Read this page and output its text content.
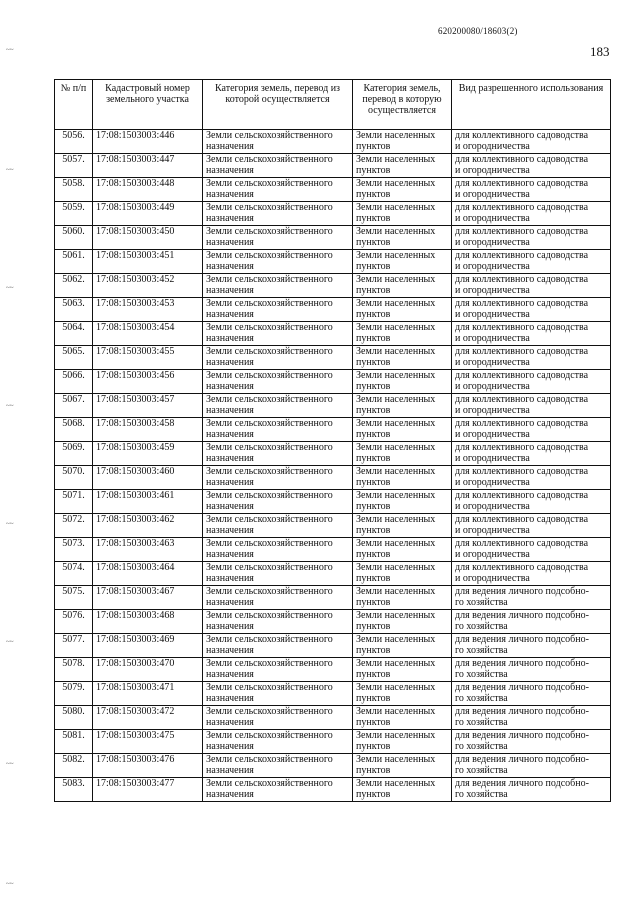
620200080/18603(2)
183
~~
~~
~~
~~
~~
~~
~~
~~
№ п/п	Кадастровый номер земельного участка	Категория земель, перевод из которой осуществляется	Категория земель, перевод в которую осуществляется	Вид разрешенного использования
5056.	17:08:1503003:446	Земли сельскохозяйственного
назначения	Земли населенных
пунктов	для коллективного садоводства
и огородничества

5057.	17:08:1503003:447	Земли сельскохозяйственного
назначения	Земли населенных
пунктов	для коллективного садоводства
и огородничества

5058.	17:08:1503003:448	Земли сельскохозяйственного
назначения	Земли населенных
пунктов	для коллективного садоводства
и огородничества

5059.	17:08:1503003:449	Земли сельскохозяйственного
назначения	Земли населенных
пунктов	для коллективного садоводства
и огородничества

5060.	17:08:1503003:450	Земли сельскохозяйственного
назначения	Земли населенных
пунктов	для коллективного садоводства
и огородничества

5061.	17:08:1503003:451	Земли сельскохозяйственного
назначения	Земли населенных
пунктов	для коллективного садоводства
и огородничества

5062.	17:08:1503003:452	Земли сельскохозяйственного
назначения	Земли населенных
пунктов	для коллективного садоводства
и огородничества

5063.	17:08:1503003:453	Земли сельскохозяйственного
назначения	Земли населенных
пунктов	для коллективного садоводства
и огородничества

5064.	17:08:1503003:454	Земли сельскохозяйственного
назначения	Земли населенных
пунктов	для коллективного садоводства
и огородничества

5065.	17:08:1503003:455	Земли сельскохозяйственного
назначения	Земли населенных
пунктов	для коллективного садоводства
и огородничества

5066.	17:08:1503003:456	Земли сельскохозяйственного
назначения	Земли населенных
пунктов	для коллективного садоводства
и огородничества

5067.	17:08:1503003:457	Земли сельскохозяйственного
назначения	Земли населенных
пунктов	для коллективного садоводства
и огородничества

5068.	17:08:1503003:458	Земли сельскохозяйственного
назначения	Земли населенных
пунктов	для коллективного садоводства
и огородничества

5069.	17:08:1503003:459	Земли сельскохозяйственного
назначения	Земли населенных
пунктов	для коллективного садоводства
и огородничества

5070.	17:08:1503003:460	Земли сельскохозяйственного
назначения	Земли населенных
пунктов	для коллективного садоводства
и огородничества

5071.	17:08:1503003:461	Земли сельскохозяйственного
назначения	Земли населенных
пунктов	для коллективного садоводства
и огородничества

5072.	17:08:1503003:462	Земли сельскохозяйственного
назначения	Земли населенных
пунктов	для коллективного садоводства
и огородничества

5073.	17:08:1503003:463	Земли сельскохозяйственного
назначения	Земли населенных
пунктов	для коллективного садоводства
и огородничества

5074.	17:08:1503003:464	Земли сельскохозяйственного
назначения	Земли населенных
пунктов	для коллективного садоводства
и огородничества

5075.	17:08:1503003:467	Земли сельскохозяйственного
назначения	Земли населенных
пунктов	для ведения личного подсобно-
го хозяйства

5076.	17:08:1503003:468	Земли сельскохозяйственного
назначения	Земли населенных
пунктов	для ведения личного подсобно-
го хозяйства

5077.	17:08:1503003:469	Земли сельскохозяйственного
назначения	Земли населенных
пунктов	для ведения личного подсобно-
го хозяйства

5078.	17:08:1503003:470	Земли сельскохозяйственного
назначения	Земли населенных
пунктов	для ведения личного подсобно-
го хозяйства

5079.	17:08:1503003:471	Земли сельскохозяйственного
назначения	Земли населенных
пунктов	для ведения личного подсобно-
го хозяйства

5080.	17:08:1503003:472	Земли сельскохозяйственного
назначения	Земли населенных
пунктов	для ведения личного подсобно-
го хозяйства

5081.	17:08:1503003:475	Земли сельскохозяйственного
назначения	Земли населенных
пунктов	для ведения личного подсобно-
го хозяйства

5082.	17:08:1503003:476	Земли сельскохозяйственного
назначения	Земли населенных
пунктов	для ведения личного подсобно-
го хозяйства

5083.	17:08:1503003:477	Земли сельскохозяйственного
назначения	Земли населенных
пунктов	для ведения личного подсобно-
го хозяйства
